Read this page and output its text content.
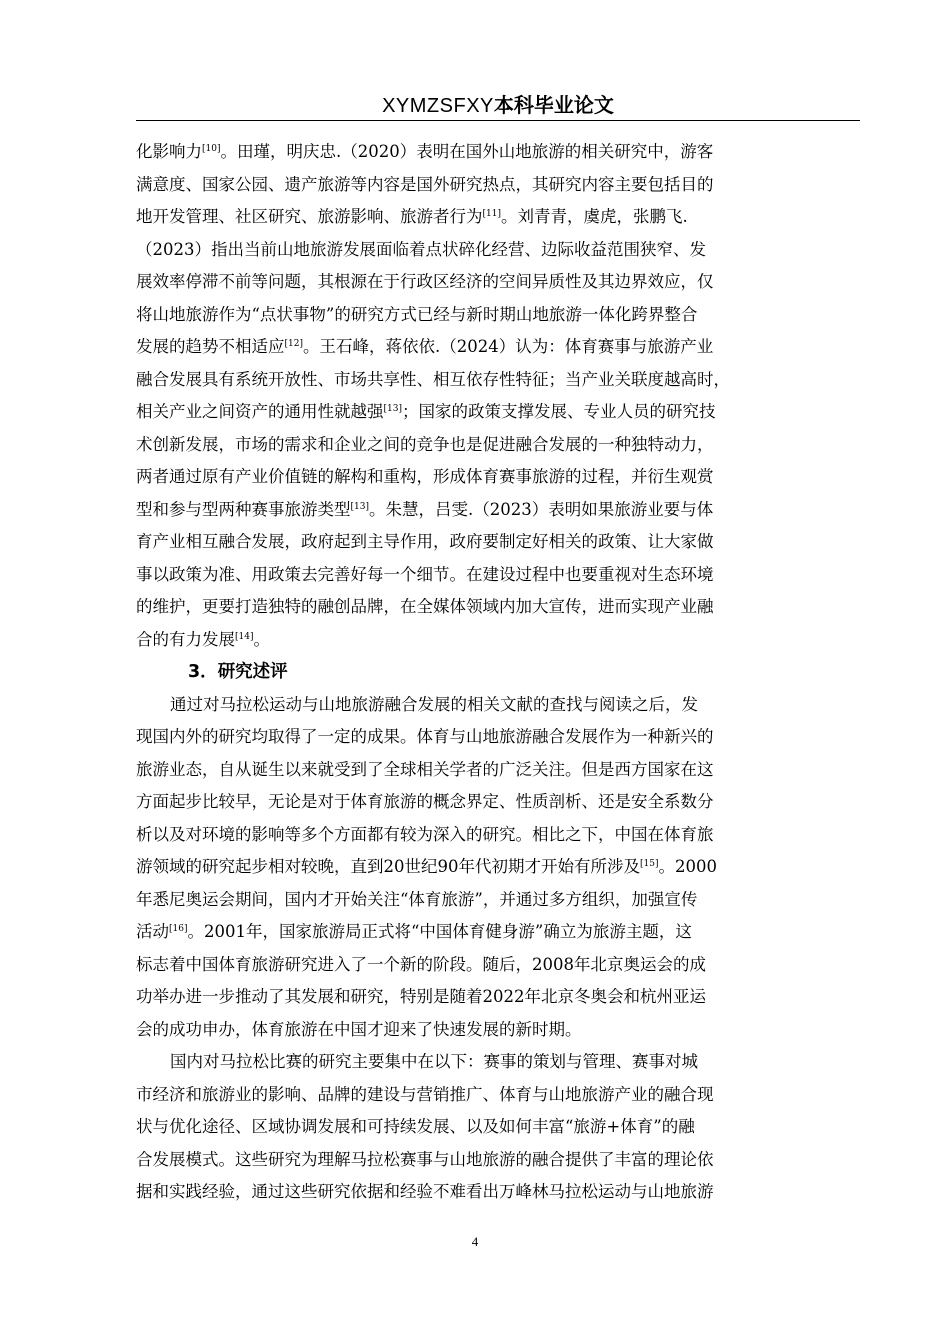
XYMZSFXY本科毕业论文
化影响力[10]。田瑾，明庆忠.（2020）表明在国外山地旅游的相关研究中，游客
满意度、国家公园、遗产旅游等内容是国外研究热点，其研究内容主要包括目的
地开发管理、社区研究、旅游影响、旅游者行为[11]。刘青青，虞虎，张鹏飞.
（2023）指出当前山地旅游发展面临着点状碎化经营、边际收益范围狭窄、发
展效率停滞不前等问题，其根源在于行政区经济的空间异质性及其边界效应，仅
将山地旅游作为“点状事物”的研究方式已经与新时期山地旅游一体化跨界整合
发展的趋势不相适应[12]。王石峰，蒋依依.（2024）认为：体育赛事与旅游产业
融合发展具有系统开放性、市场共享性、相互依存性特征；当产业关联度越高时，
相关产业之间资产的通用性就越强[13]；国家的政策支撑发展、专业人员的研究技
术创新发展，市场的需求和企业之间的竞争也是促进融合发展的一种独特动力，
两者通过原有产业价值链的解构和重构，形成体育赛事旅游的过程，并衍生观赏
型和参与型两种赛事旅游类型[13]。朱慧，吕雯.（2023）表明如果旅游业要与体
育产业相互融合发展，政府起到主导作用，政府要制定好相关的政策、让大家做
事以政策为准、用政策去完善好每一个细节。在建设过程中也要重视对生态环境
的维护，更要打造独特的融创品牌，在全媒体领域内加大宣传，进而实现产业融
合的有力发展[14]。
3．研究述评
通过对马拉松运动与山地旅游融合发展的相关文献的查找与阅读之后，发
现国内外的研究均取得了一定的成果。体育与山地旅游融合发展作为一种新兴的
旅游业态，自从诞生以来就受到了全球相关学者的广泛关注。但是西方国家在这
方面起步比较早，无论是对于体育旅游的概念界定、性质剖析、还是安全系数分
析以及对环境的影响等多个方面都有较为深入的研究。相比之下，中国在体育旅
游领域的研究起步相对较晚，直到20世纪90年代初期才开始有所涉及[15]。2000
年悉尼奥运会期间，国内才开始关注“体育旅游”，并通过多方组织，加强宣传
活动[16]。2001年，国家旅游局正式将“中国体育健身游”确立为旅游主题，这
标志着中国体育旅游研究进入了一个新的阶段。随后，2008年北京奥运会的成
功举办进一步推动了其发展和研究，特别是随着2022年北京冬奥会和杭州亚运
会的成功申办，体育旅游在中国才迎来了快速发展的新时期。
国内对马拉松比赛的研究主要集中在以下：赛事的策划与管理、赛事对城
市经济和旅游业的影响、品牌的建设与营销推广、体育与山地旅游产业的融合现
状与优化途径、区域协调发展和可持续发展、以及如何丰富“旅游+体育”的融
合发展模式。这些研究为理解马拉松赛事与山地旅游的融合提供了丰富的理论依
据和实践经验，通过这些研究依据和经验不难看出万峰林马拉松运动与山地旅游
4
